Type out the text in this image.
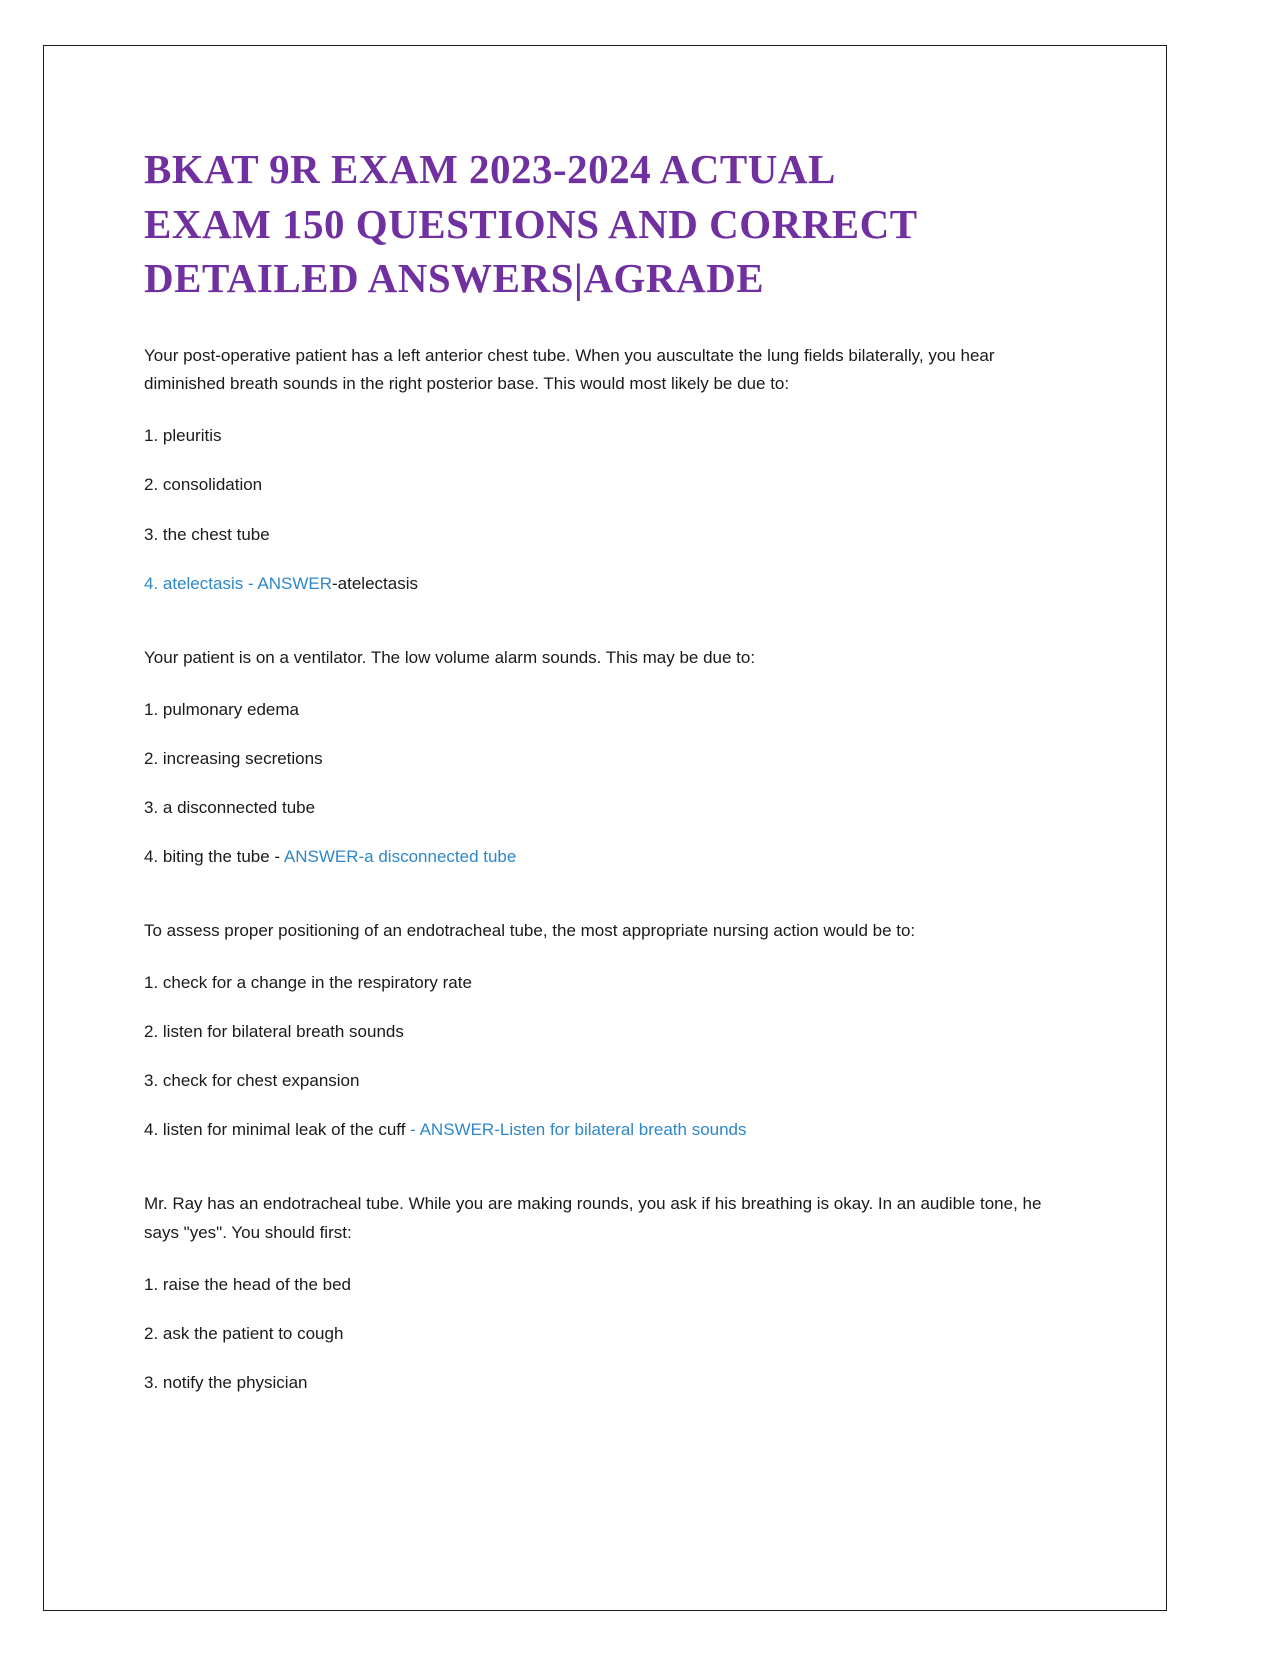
BKAT 9R EXAM 2023-2024 ACTUAL
EXAM 150 QUESTIONS AND CORRECT
DETAILED ANSWERS|AGRADE

Your post-operative patient has a left anterior chest tube. When you auscultate the lung fields bilaterally, you hear diminished breath sounds in the right posterior base. This would most likely be due to:

1. pleuritis

2. consolidation

3. the chest tube

4. atelectasis - ANSWER-atelectasis

Your patient is on a ventilator. The low volume alarm sounds. This may be due to:

1. pulmonary edema

2. increasing secretions

3. a disconnected tube

4. biting the tube - ANSWER-a disconnected tube

To assess proper positioning of an endotracheal tube, the most appropriate nursing action would be to:

1. check for a change in the respiratory rate

2. listen for bilateral breath sounds

3. check for chest expansion

4. listen for minimal leak of the cuff - ANSWER-Listen for bilateral breath sounds

Mr. Ray has an endotracheal tube. While you are making rounds, you ask if his breathing is okay. In an audible tone, he says "yes". You should first:

1. raise the head of the bed

2. ask the patient to cough

3. notify the physician
